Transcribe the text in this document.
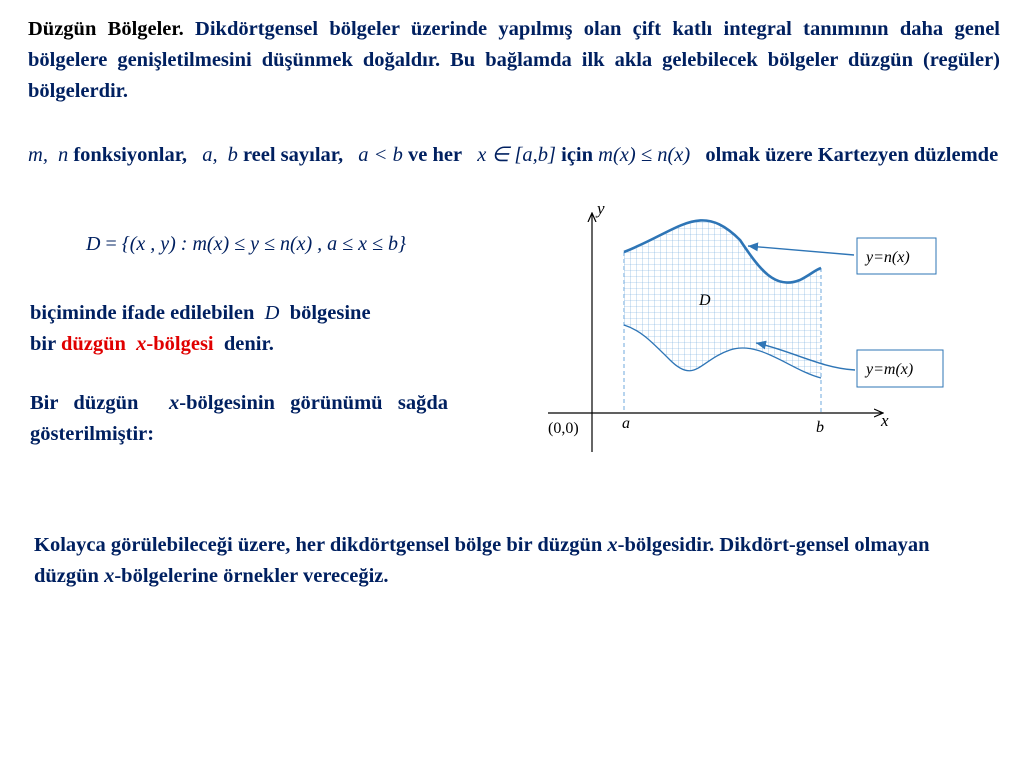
Düzgün Bölgeler. Dikdörtgensel bölgeler üzerinde yapılmış olan çift katlı integral tanımının daha genel bölgelere genişletilmesini düşünmek doğaldır. Bu bağlamda ilk akla gelebilecek bölgeler düzgün (regüler) bölgelerdir.

m, n fonksiyonlar, a, b reel sayılar, a < b ve her x ∈ [a,b] için m(x) ≤ n(x) olmak üzere Kartezyen düzlemde

D = {(x , y) : m(x) ≤ y ≤ n(x) , a ≤ x ≤ b}

biçiminde ifade edilebilen D bölgesine
bir düzgün x-bölgesi denir.

Bir düzgün x-bölgesinin görünümü sağda gösterilmiştir:

Kolayca görülebileceği üzere, her dikdörtgensel bölge bir düzgün x-bölgesidir. Dikdört-gensel olmayan düzgün x-bölgelerine örnekler vereceğiz.

y
x
(0,0)	a	b
D
y=n(x)
y=m(x)
